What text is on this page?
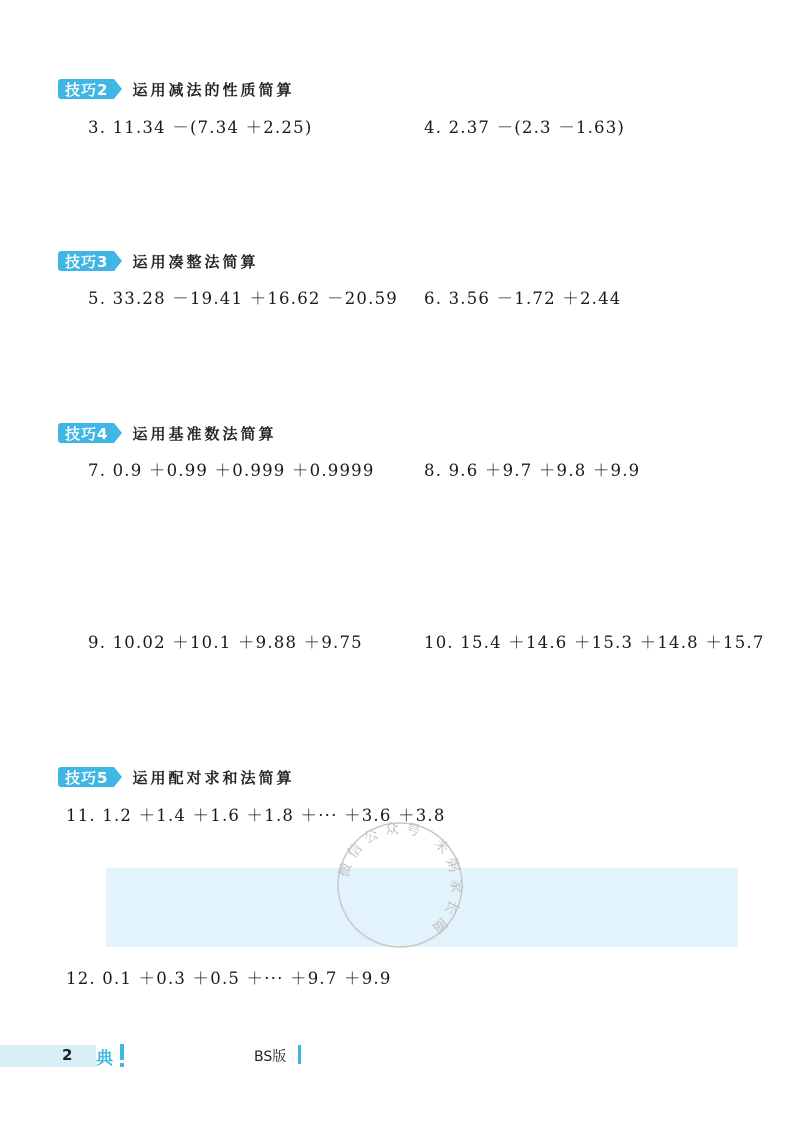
技巧2	运用减法的性质简算
3. 11.34 －(7.34 ＋2.25)	4. 2.37 －(2.3 －1.63)
技巧3	运用凑整法简算
5. 33.28 －19.41 ＋16.62 －20.59 6. 3.56 －1.72 ＋2.44
技巧4	运用基准数法简算
7. 0.9 ＋0.99 ＋0.999 ＋0.9999	8. 9.6 ＋9.7 ＋9.8 ＋9.9
9. 10.02 ＋10.1 ＋9.88 ＋9.75	10. 15.4 ＋14.6 ＋15.3 ＋14.8 ＋15.7
技巧5	运用配对求和法简算
11. 1.2 ＋1.4 ＋1.6 ＋1.8 ＋··· ＋3.6 ＋3.8
微信公众号 米粥家长圈
12. 0.1 ＋0.3 ＋0.5 ＋··· ＋9.7 ＋9.9
2 典	BS版
